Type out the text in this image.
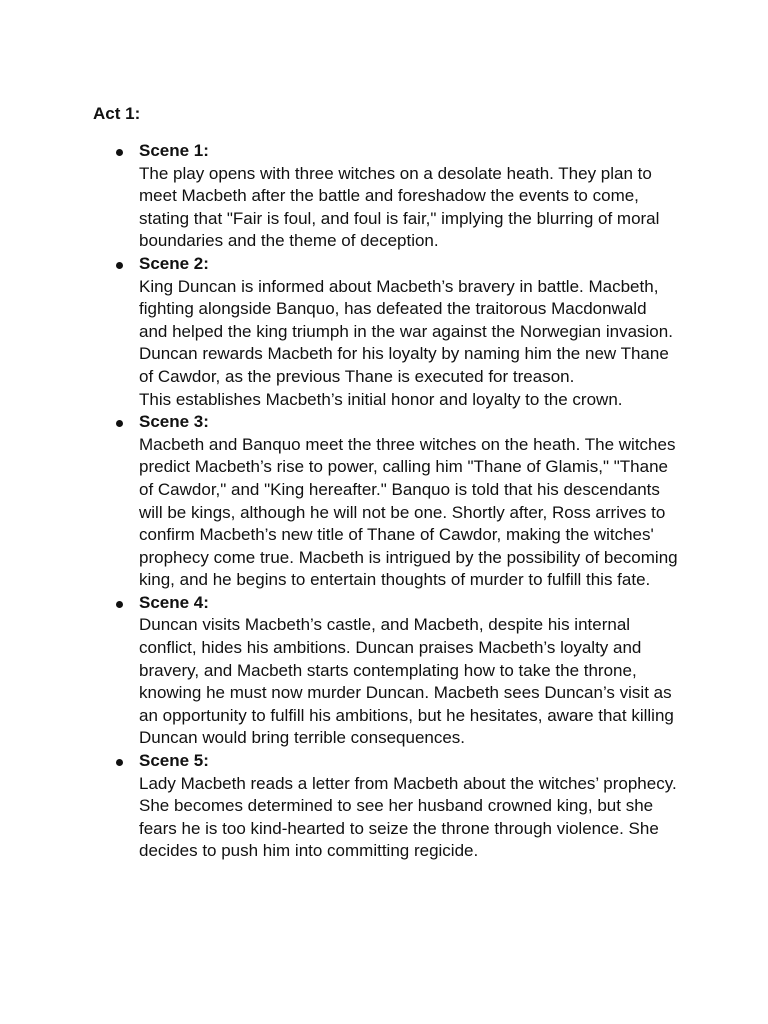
Act 1:
Scene 1:

The play opens with three witches on a desolate heath. They plan to meet Macbeth after the battle and foreshadow the events to come, stating that "Fair is foul, and foul is fair," implying the blurring of moral boundaries and the theme of deception.

Scene 2:

King Duncan is informed about Macbeth’s bravery in battle. Macbeth, fighting alongside Banquo, has defeated the traitorous Macdonwald and helped the king triumph in the war against the Norwegian invasion. Duncan rewards Macbeth for his loyalty by naming him the new Thane of Cawdor, as the previous Thane is executed for treason.

This establishes Macbeth’s initial honor and loyalty to the crown.

Scene 3:

Macbeth and Banquo meet the three witches on the heath. The witches predict Macbeth’s rise to power, calling him "Thane of Glamis," "Thane of Cawdor," and "King hereafter." Banquo is told that his descendants will be kings, although he will not be one. Shortly after, Ross arrives to confirm Macbeth’s new title of Thane of Cawdor, making the witches' prophecy come true. Macbeth is intrigued by the possibility of becoming king, and he begins to entertain thoughts of murder to fulfill this fate.

Scene 4:

Duncan visits Macbeth’s castle, and Macbeth, despite his internal conflict, hides his ambitions. Duncan praises Macbeth’s loyalty and bravery, and Macbeth starts contemplating how to take the throne, knowing he must now murder Duncan. Macbeth sees Duncan’s visit as an opportunity to fulfill his ambitions, but he hesitates, aware that killing Duncan would bring terrible consequences.

Scene 5:

Lady Macbeth reads a letter from Macbeth about the witches’ prophecy. She becomes determined to see her husband crowned king, but she fears he is too kind-hearted to seize the throne through violence. She decides to push him into committing regicide.
